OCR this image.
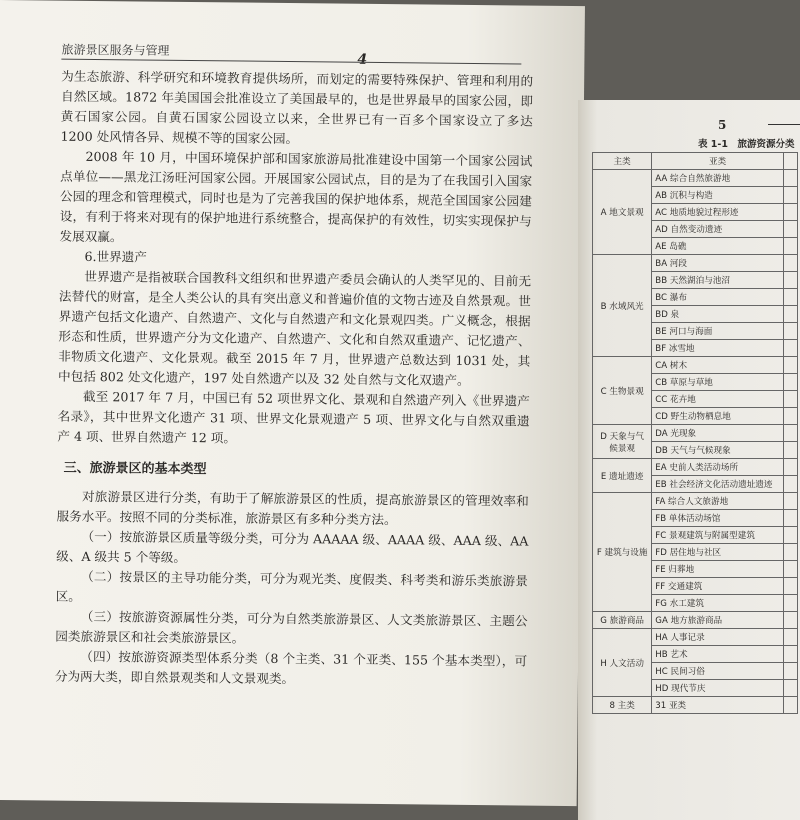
旅游景区服务与管理
4

为生态旅游、科学研究和环境教育提供场所，而划定的需要特殊保护、管理和利用的自然区域。1872 年美国国会批准设立了美国最早的，也是世界最早的国家公园，即黄石国家公园。自黄石国家公园设立以来，全世界已有一百多个国家设立了多达 1200 处风情各异、规模不等的国家公园。

2008 年 10 月，中国环境保护部和国家旅游局批准建设中国第一个国家公园试点单位——黑龙江汤旺河国家公园。开展国家公园试点，目的是为了在我国引入国家公园的理念和管理模式，同时也是为了完善我国的保护地体系，规范全国国家公园建设，有利于将来对现有的保护地进行系统整合，提高保护的有效性，切实实现保护与发展双赢。

6.世界遗产

世界遗产是指被联合国教科文组织和世界遗产委员会确认的人类罕见的、目前无法替代的财富，是全人类公认的具有突出意义和普遍价值的文物古迹及自然景观。世界遗产包括文化遗产、自然遗产、文化与自然遗产和文化景观四类。广义概念，根据形态和性质，世界遗产分为文化遗产、自然遗产、文化和自然双重遗产、记忆遗产、非物质文化遗产、文化景观。截至 2015 年 7 月，世界遗产总数达到 1031 处，其中包括 802 处文化遗产，197 处自然遗产以及 32 处自然与文化双遗产。

截至 2017 年 7 月，中国已有 52 项世界文化、景观和自然遗产列入《世界遗产名录》，其中世界文化遗产 31 项、世界文化景观遗产 5 项、世界文化与自然双重遗产 4 项、世界自然遗产 12 项。

三、旅游景区的基本类型

对旅游景区进行分类，有助于了解旅游景区的性质，提高旅游景区的管理效率和服务水平。按照不同的分类标准，旅游景区有多种分类方法。

（一）按旅游景区质量等级分类，可分为 AAAAA 级、AAAA 级、AAA 级、AA 级、A 级共 5 个等级。

（二）按景区的主导功能分类，可分为观光类、度假类、科考类和游乐类旅游景区。

（三）按旅游资源属性分类，可分为自然类旅游景区、人文类旅游景区、主题公园类旅游景区和社会类旅游景区。

（四）按旅游资源类型体系分类（8 个主类、31 个亚类、155 个基本类型），可分为两大类，即自然景观类和人文景观类。

5
表 1-1　旅游资源分类
主类	亚类	
A 地文景观	AA 综合自然旅游地	
	AB 沉积与构造	
	AC 地质地貌过程形迹	
	AD 自然变动遗迹	
	AE 岛礁	
B 水域风光	BA 河段	
	BB 天然湖泊与池沼	
	BC 瀑布	
	BD 泉	
	BE 河口与海面	
	BF 冰雪地	
C 生物景观	CA 树木	
	CB 草原与草地	
	CC 花卉地	
	CD 野生动物栖息地	
D 天象与气候景观	DA 光现象	
	DB 天气与气候现象	
E 遗址遗迹	EA 史前人类活动场所	
	EB 社会经济文化活动遗址遗迹	
F 建筑与设施	FA 综合人文旅游地	
	FB 单体活动场馆	
	FC 景观建筑与附属型建筑	
	FD 居住地与社区	
	FE 归葬地	
	FF 交通建筑	
	FG 水工建筑	
G 旅游商品	GA 地方旅游商品	
H 人文活动	HA 人事记录	
	HB 艺术	
	HC 民间习俗	
	HD 现代节庆	
8 主类	31 亚类	
